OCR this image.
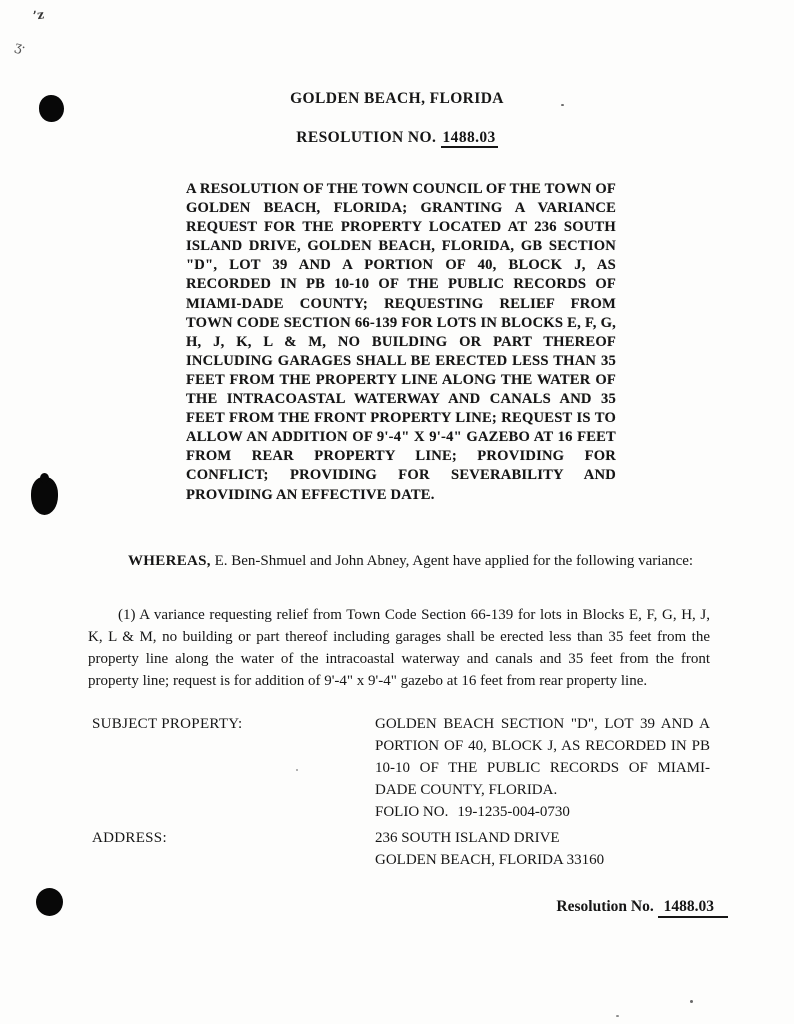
’z
ʒ·
GOLDEN BEACH, FLORIDA
RESOLUTION NO. 1488.03
A RESOLUTION OF THE TOWN COUNCIL OF THE TOWN OF GOLDEN BEACH, FLORIDA; GRANTING A VARIANCE REQUEST FOR THE PROPERTY LOCATED AT 236 SOUTH ISLAND DRIVE, GOLDEN BEACH, FLORIDA, GB SECTION "D", LOT 39 AND A PORTION OF 40, BLOCK J, AS RECORDED IN PB 10-10 OF THE PUBLIC RECORDS OF MIAMI-DADE COUNTY; REQUESTING RELIEF FROM TOWN CODE SECTION 66-139 FOR LOTS IN BLOCKS E, F, G, H, J, K, L & M, NO BUILDING OR PART THEREOF INCLUDING GARAGES SHALL BE ERECTED LESS THAN 35 FEET FROM THE PROPERTY LINE ALONG THE WATER OF THE INTRACOASTAL WATERWAY AND CANALS AND 35 FEET FROM THE FRONT PROPERTY LINE; REQUEST IS TO ALLOW AN ADDITION OF 9'-4" X 9'-4" GAZEBO AT 16 FEET FROM REAR PROPERTY LINE; PROVIDING FOR CONFLICT; PROVIDING FOR SEVERABILITY AND PROVIDING AN EFFECTIVE DATE.
WHEREAS, E. Ben-Shmuel and John Abney, Agent have applied for the following variance:
(1) A variance requesting relief from Town Code Section 66-139 for lots in Blocks E, F, G, H, J, K, L & M, no building or part thereof including garages shall be erected less than 35 feet from the property line along the water of the intracoastal waterway and canals and 35 feet from the front property line; request is for addition of 9'-4" x 9'-4" gazebo at 16 feet from rear property line.
SUBJECT PROPERTY:	GOLDEN BEACH SECTION "D", LOT 39 AND A PORTION OF 40, BLOCK J, AS RECORDED IN PB 10-10 OF THE PUBLIC RECORDS OF MIAMI-DADE COUNTY, FLORIDA.
FOLIO NO. 19-1235-004-0730
ADDRESS:	236 SOUTH ISLAND DRIVE
GOLDEN BEACH, FLORIDA 33160
Resolution No. 1488.03
